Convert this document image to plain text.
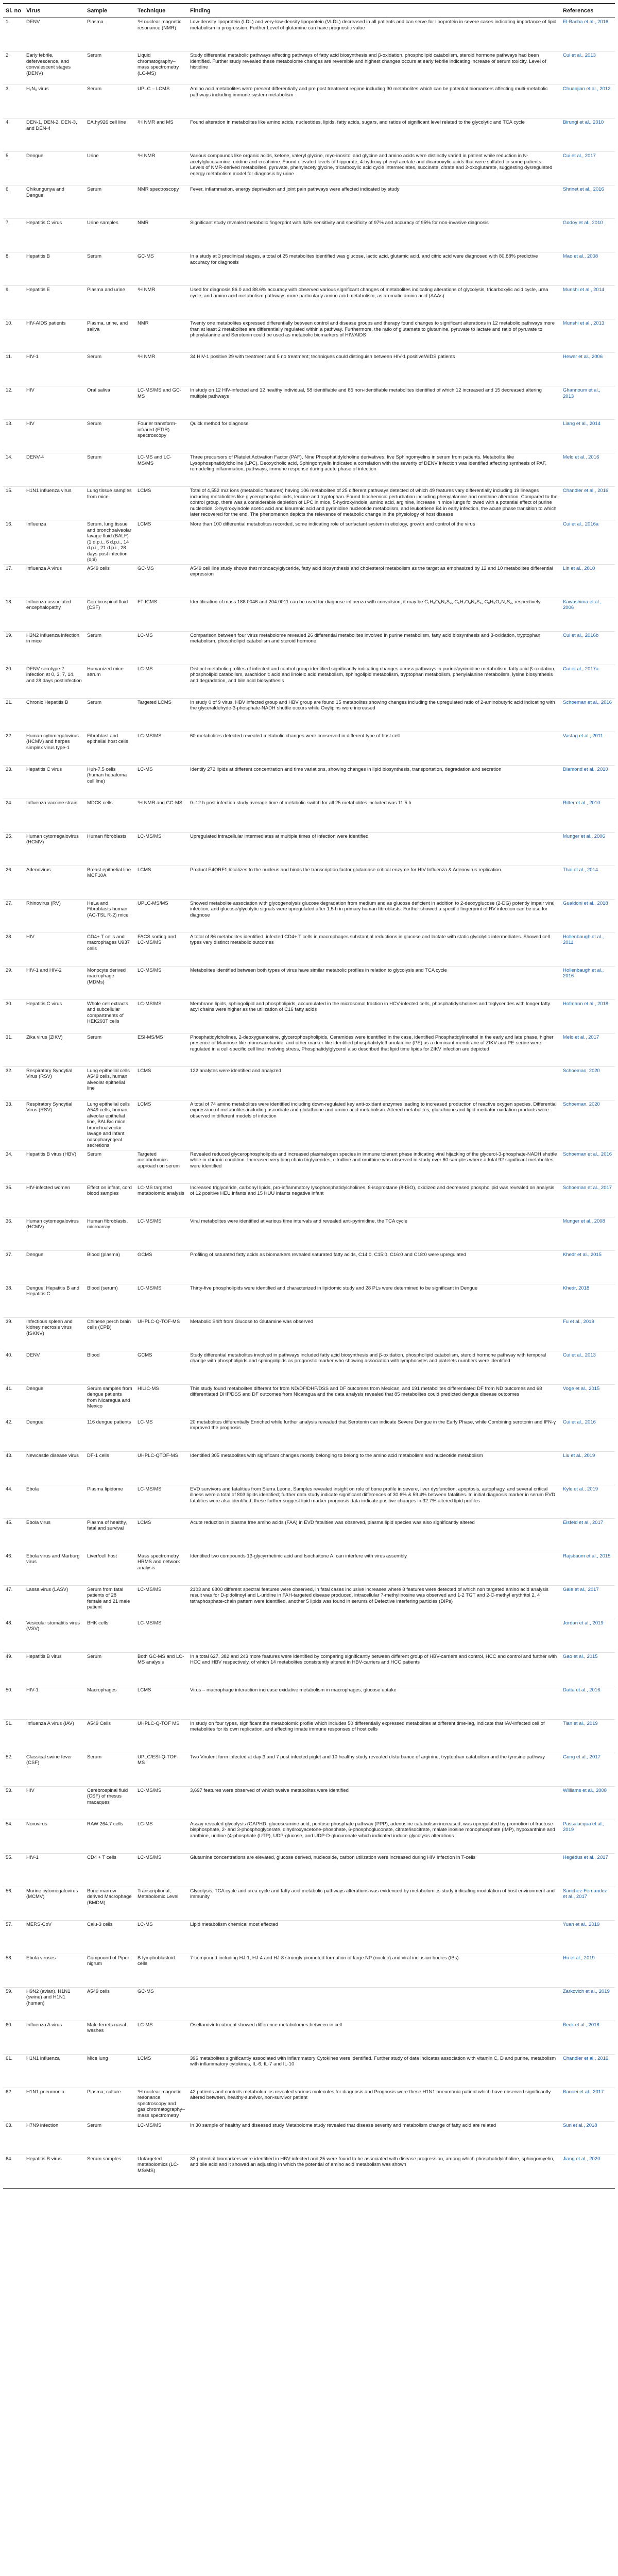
Sl. no	Virus	Sample	Technique	Finding	References
1.	DENV	Plasma	¹H nuclear magnetic resonance (NMR)	Low-density lipoprotein (LDL) and very-low-density lipoprotein (VLDL) decreased in all patients and can serve for lipoprotein in severe cases indicating importance of lipid metabolism in progression. Further Level of glutamine can have prognostic value	El-Bacha et al., 2016
2.	Early febrile, defervescence, and convalescent stages (DENV)	Serum	Liquid chromatography–mass spectrometry (LC-MS)	Study differential metabolic pathways affecting pathways of fatty acid biosynthesis and β-oxidation, phospholipid catabolism, steroid hormone pathways had been identified. Further study revealed these metabolome changes are reversible and highest changes occurs at early febrile indicating increase of serum toxicity. Level of histidine	Cui et al., 2013
3.	H₇N₉ virus	Serum	UPLC – LCMS	Amino acid metabolites were present differentially and pre post treatment regime including 30 metabolites which can be potential biomarkers affecting multi-metabolic pathways including immune system metabolism	Chuanjian et al., 2012
4.	DEN-1, DEN-2, DEN-3, and DEN-4	EA.hy926 cell line	¹H NMR and MS	Found alteration in metabolites like amino acids, nucleotides, lipids, fatty acids, sugars, and ratios of significant level related to the glycolytic and TCA cycle	Birungi et al., 2010
5.	Dengue	Urine	¹H NMR	Various compounds like organic acids, ketone, valeryl glycine, myo-inositol and glycine and amino acids were distinctly varied in patient while reduction in N-acetylglucosamine, uridine and creatinine. Found elevated levels of hippurate, 4-hydroxy-phenyl acetate and dicarboxylic acids that were sulfated in some patients. Levels of NMR-derived metabolites, pyruvate, phenylacetylglycine, tricarboxylic acid cycle intermediates, succinate, citrate and 2-oxoglutarate, suggesting dysregulated energy metabolism model for diagnosis by urine	Cui et al., 2017
6.	Chikungunya and Dengue	Serum	NMR spectroscopy	Fever, inflammation, energy deprivation and joint pain pathways were affected indicated by study	Shrinet et al., 2016
7.	Hepatitis C virus	Urine samples	NMR	Significant study revealed metabolic fingerprint with 94% sensitivity and specificity of 97% and accuracy of 95% for non-invasive diagnosis	Godoy et al., 2010
8.	Hepatitis B	Serum	GC-MS	In a study at 3 preclinical stages, a total of 25 metabolites identified was glucose, lactic acid, glutamic acid, and citric acid were diagnosed with 80.88% predictive accuracy for diagnosis	Mao et al., 2008
9.	Hepatitis E	Plasma and urine	¹H NMR	Used for diagnosis 86.0 and 88.6% accuracy with observed various significant changes of metabolites indicating alterations of glycolysis, tricarboxylic acid cycle, urea cycle, and amino acid metabolism pathways more particularly amino acid metabolism, as aromatic amino acid (AAAs)	Munshi et al., 2014
10.	HIV-AIDS patients	Plasma, urine, and saliva	NMR	Twenty one metabolites expressed differentially between control and disease groups and therapy found changes to significant alterations in 12 metabolic pathways more than at least 2 metabolites are differentially regulated within a pathway. Furthermore, the ratio of glutamate to glutamine, pyruvate to lactate and ratio of pyruvate to phenylalanine and Serotonin could be used as metabolic biomarkers of HIV/AIDS	Munshi et al., 2013
11.	HIV-1	Serum	¹H NMR	34 HIV-1 positive 29 with treatment and 5 no treatment; techniques could distinguish between HIV-1 positive/AIDS patients	Hewer et al., 2006
12.	HIV	Oral saliva	LC-MS/MS and GC-MS	In study on 12 HIV-infected and 12 healthy individual, 58 identifiable and 85 non-identifiable metabolites identified of which 12 increased and 15 decreased altering multiple pathways	Ghannoum et al., 2013
13.	HIV	Serum	Fourier transform-infrared (FTIR) spectroscopy	Quick method for diagnose	Liang et al., 2014
14.	DENV-4	Serum	LC-MS and LC-MS/MS	Three precursors of Platelet Activation Factor (PAF), Nine Phosphatidylcholine derivatives, five Sphingomyelins in serum from patients. Metabolite like Lysophosphatidylcholine (LPC), Deoxycholic acid, Sphingomyelin indicated a correlation with the severity of DENV infection was identified affecting synthesis of PAF, remodeling inflammation, pathways, immune response during acute phase of infection	Melo et al., 2016
15.	H1N1 influenza virus	Lung tissue samples from mice	LCMS	Total of 4,552 m/z ions (metabolic features) having 106 metabolites of 25 different pathways detected of which 49 features vary differentially including 19 lineages including metabolites like glycerophospholipids, leucine and tryptophan. Found biochemical perturbation including phenylalanine and ornithine alteration. Compared to the control group, there was a considerable depletion of LPC in mice, 5-hydroxyindole, amino acid, arginine, increase in mice lungs followed with a potential effect of purine nucleotide, 3-hydroxyindole acetic acid and kinurenic acid and pyrimidine nucleotide metabolism, and leukotriene B4 in early infection, the acute phase transition to which later recovered for the end. The phenomenon depicts the relevance of metabolic change in the physiology of host disease	Chandler et al., 2016
16.	Influenza	Serum, lung tissue and bronchoalveolar lavage fluid (BALF) (1 d.p.i., 6 d.p.i., 14 d.p.i., 21 d.p.i., 28 days post infection (dpi)	LCMS	More than 100 differential metabolites recorded, some indicating role of surfactant system in etiology, growth and control of the virus	Cui et al., 2016a
17.	Influenza A virus	A549 cells	GC-MS	A549 cell line study shows that monoacylglyceride, fatty acid biosynthesis and cholesterol metabolism as the target as emphasized by 12 and 10 metabolites differential expression	Lin et al., 2010
18.	Influenza-associated encephalopathy	Cerebrospinal fluid (CSF)	FT-ICMS	Identification of mass 188.0046 and 204.0011 can be used for diagnose influenza with convulsion; it may be C₇H₈O₆N₂S₃, C₆H₇O₃N₃S₆, C₈H₆O₃N₂S₃, respectively	Kawashima et al., 2006
19.	H3N2 influenza infection in mice	Serum	LC-MS	Comparison between four virus metabolome revealed 26 differential metabolites involved in purine metabolism, fatty acid biosynthesis and β-oxidation, tryptophan metabolism, phospholipid catabolism and steroid hormone	Cui et al., 2016b
20.	DENV serotype 2 infection at 0, 3, 7, 14, and 28 days postinfection	Humanized mice serum	LC-MS	Distinct metabolic profiles of infected and control group identified significantly indicating changes across pathways in purine/pyrimidine metabolism, fatty acid β-oxidation, phospholipid catabolism, arachidonic acid and linoleic acid metabolism, sphingolipid metabolism, tryptophan metabolism, phenylalanine metabolism, lysine biosynthesis and degradation, and bile acid biosynthesis	Cui et al., 2017a
21.	Chronic Hepatitis B	Serum	Targeted LCMS	In study 0 of 9 virus, HBV infected group and HBV group are found 15 metabolites showing changes including the upregulated ratio of 2-aminobutyric acid indicating with the glyceraldehyde-3-phosphate-NADH shuttle occurs while Oxylipins were increased	Schoeman et al., 2016
22.	Human cytomegalovirus (HCMV) and herpes simplex virus type-1	Fibroblast and epithelial host cells	LC-MS/MS	60 metabolites detected revealed metabolic changes were conserved in different type of host cell	Vastag et al., 2011
23.	Hepatitis C virus	Huh-7.5 cells (human hepatoma cell line)	LC-MS	Identify 272 lipids at different concentration and time variations, showing changes in lipid biosynthesis, transportation, degradation and secretion	Diamond et al., 2010
24.	Influenza vaccine strain	MDCK cells	¹H NMR and GC-MS	0–12 h post infection study average time of metabolic switch for all 25 metabolites included was 11.5 h	Ritter et al., 2010
25.	Human cytomegalovirus (HCMV)	Human fibroblasts	LC-MS/MS	Upregulated intracellular intermediates at multiple times of infection were identified	Munger et al., 2006
26.	Adenovirus	Breast epithelial line MCF10A	LCMS	Product E4ORF1 localizes to the nucleus and binds the transcription factor glutamase critical enzyme for HIV Influenza & Adenovirus replication	Thai et al., 2014
27.	Rhinovirus (RV)	HeLa and Fibroblasts human (AC-TSL R-2) mice	UPLC-MS/MS	Showed metabolite association with glycogenolysis glucose degradation from medium and as glucose deficient in addition to 2-deoxyglucose (2-DG) potently impair viral infection, and glucose/glycolytic signals were upregulated after 1.5 h in primary human fibroblasts. Further showed a specific fingerprint of RV infection can be use for diagnose	Gualdoni et al., 2018
28.	HIV	CD4+ T cells and macrophages U937 cells	FACS sorting and LC-MS/MS	A total of 86 metabolites identified, infected CD4+ T cells in macrophages substantial reductions in glucose and lactate with static glycolytic intermediates. Showed cell types vary distinct metabolic outcomes	Hollenbaugh et al., 2011
29.	HIV-1 and HIV-2	Monocyte derived macrophage (MDMs)	LC-MS/MS	Metabolites identified between both types of virus have similar metabolic profiles in relation to glycolysis and TCA cycle	Hollenbaugh et al., 2016
30.	Hepatitis C virus	Whole cell extracts and subcellular compartments of HEK293T cells	LC-MS/MS	Membrane lipids, sphingolipid and phospholipids, accumulated in the microsomal fraction in HCV-infected cells, phosphatidylcholines and triglycerides with longer fatty acyl chains were higher as the utilization of C16 fatty acids	Hofmann et al., 2018
31.	Zika virus (ZIKV)	Serum	ESI-MS/MS	Phosphatidylcholines, 2-deoxyguanosine, glycerophospholipids, Ceramides were identified in the case, identified Phosphatidylinositol in the early and late phase, higher presence of Mannose-like monosaccharide, and other marker like identified phosphatidylethanolamine (PE) as a dominant membrane of ZIKV and PE-serine were regulated in a cell-specific cell line involving stress, Phosphatidylglycerol also described that lipid time lipids for ZIKV infection are depicted	Melo et al., 2017
32.	Respiratory Syncytial Virus (RSV)	Lung epithelial cells A549 cells, human alveolar epithelial line	LCMS	122 analytes were identified and analyzed	Schoeman, 2020
33.	Respiratory Syncytial Virus (RSV)	Lung epithelial cells A549 cells, human alveolar epithelial line, BALB/c mice bronchoalveolar lavage and infant nasopharyngeal secretions	LCMS	A total of 74 amino metabolites were identified including down-regulated key anti-oxidant enzymes leading to increased production of reactive oxygen species. Differential expression of metabolites including ascorbate and glutathione and amino acid metabolism. Altered metabolites, glutathione and lipid mediator oxidation products were observed in different models of infection	Schoeman, 2020
34.	Hepatitis B virus (HBV)	Serum	Targeted metabolomics approach on serum	Revealed reduced glycerophospholipids and increased plasmalogen species in immune tolerant phase indicating viral hijacking of the glycerol-3-phosphate-NADH shuttle while in chronic condition. Increased very long chain triglycerides, citrulline and ornithine was observed in study over 60 samples where a total 92 significant metabolites were identified	Schoeman et al., 2016
35.	HIV-infected women	Effect on infant, cord blood samples	LC-MS targeted metabolomic analysis	Increased triglyceride, carbonyl lipids, pro-inflammatory lysophosphatidylcholines, 8-isoprostane (8-ISO), oxidized and decreased phospholipid was revealed on analysis of 12 positive HEU infants and 15 HUU infants negative infant	Schoeman et al., 2017
36.	Human cytomegalovirus (HCMV)	Human fibroblasts, microarray	LC-MS/MS	Viral metabolites were identified at various time intervals and revealed anti-pyrimidine, the TCA cycle	Munger et al., 2008
37.	Dengue	Blood (plasma)	GCMS	Profiling of saturated fatty acids as biomarkers revealed saturated fatty acids, C14:0, C15:0, C16:0 and C18:0 were upregulated	Khedr et al., 2015
38.	Dengue, Hepatitis B and Hepatitis C	Blood (serum)	LC-MS/MS	Thirty-five phospholipids were identified and characterized in lipidomic study and 28 PLs were determined to be significant in Dengue	Khedr, 2018
39.	Infectious spleen and kidney necrosis virus (ISKNV)	Chinese perch brain cells (CPB)	UHPLC-Q-TOF-MS	Metabolic Shift from Glucose to Glutamine was observed	Fu et al., 2019
40.	DENV	Blood	GCMS	Study differential metabolites involved in pathways included fatty acid biosynthesis and β-oxidation, phospholipid catabolism, steroid hormone pathway with temporal change with phospholipids and sphingolipids as prognostic marker who showing association with lymphocytes and platelets numbers were identified	Cui et al., 2013
41.	Dengue	Serum samples from dengue patients from Nicaragua and Mexico	HILIC-MS	This study found metabolites different for from ND/DF/DHF/DSS and DF outcomes from Mexican, and 191 metabolites differentiated DF from ND outcomes and 68 differentiated DHF/DSS and DF outcomes from Nicaragua and the data analysis revealed that 85 metabolites could predicted dengue disease outcomes	Voge et al., 2015
42.	Dengue	116 dengue patients	LC-MS	20 metabolites differentially Enriched while further analysis revealed that Serotonin can indicate Severe Dengue in the Early Phase, while Combining serotonin and IFN-γ improved the prognosis	Cui et al., 2016
43.	Newcastle disease virus	DF-1 cells	UHPLC-QTOF-MS	Identified 305 metabolites with significant changes mostly belonging to belong to the amino acid metabolism and nucleotide metabolism	Liu et al., 2019
44.	Ebola	Plasma lipidome	LC-MS/MS	EVD survivors and fatalities from Sierra Leone, Samples revealed insight on role of bone profile in severe, liver dysfunction, apoptosis, autophagy, and several critical illness were a total of 803 lipids identified; further data study indicate significant differences of 30.6% & 59.4% between fatalities. In initial diagnosis marker in serum EVD fatalities were also identified; these further suggest lipid marker prognosis data indicate positive changes in 32.7% altered lipid profiles	Kyle et al., 2019
45.	Ebola virus	Plasma of healthy, fatal and survival	LCMS	Acute reduction in plasma free amino acids (FAA) in EVD fatalities was observed, plasma lipid species was also significantly altered	Eisfeld et al., 2017
46.	Ebola virus and Marburg virus	Liver/cell host	Mass spectrometry HRMS and network analysis	Identified two compounds 1β-glycyrrhetinic acid and Isochaitone A. can interfere with virus assembly	Rajsbaum et al., 2015
47.	Lassa virus (LASV)	Serum from fatal patients of 28 female and 21 male patient	LC-MS/MS	2103 and 6800 different spectral features were observed, in fatal cases inclusive increases where 8 features were detected of which non targeted amino acid analysis result was for D-pidolinoyl and L-uridine in FAH-targeted disease produced, intracellular 7-methylinosine was observed and 1-2 TGT and 2-C-methyl erythritol 2, 4 tetraphosphate-chain pattern were identified, another 5 lipids was found in serums of Defective interfering particles (DIPs)	Gale et al., 2017
48.	Vesicular stomatitis virus (VSV)	BHK cells	LC-MS/MS		Jordan et al., 2019
49.	Hepatitis B virus	Serum	Both GC-MS and LC-MS analysis	In a total 627, 382 and 243 more features were identified by comparing significantly between different group of HBV-carriers and control, HCC and control and further with HCC and HBV respectively, of which 14 metabolites consistently altered in HBV-carriers and HCC patients	Gao et al., 2015
50.	HIV-1	Macrophages	LCMS	Virus – macrophage interaction increase oxidative metabolism in macrophages, glucose uptake	Datta et al., 2016
51.	Influenza A virus (IAV)	A549 Cells	UHPLC-Q-TOF MS	In study on four types, significant the metabolomic profile which includes 50 differentially expressed metabolites at different time-lag, indicate that IAV-infected cell of metabolites for its own replication, and effecting innate immune responses of host cells	Tian et al., 2019
52.	Classical swine fever (CSF)	Serum	UPLC/ESI-Q-TOF-MS	Two Virulent form infected at day 3 and 7 post infected piglet and 10 healthy study revealed disturbance of arginine, tryptophan catabolism and the tyrosine pathway	Gong et al., 2017
53.	HIV	Cerebrospinal fluid (CSF) of rhesus macaques	LC-MS/MS	3,697 features were observed of which twelve metabolites were identified	Williams et al., 2008
54.	Norovirus	RAW 264.7 cells	LC-MS	Assay revealed glycolysis (GAPHD, glucoseamine acid, pentose phosphate pathway (PPP), adenosine catabolism increased, was upregulated by promotion of fructose-bisphosphate, 2- and 3-phosphoglycerate, dihydroxyacetone-phosphate, 6-phosphogluconate, citrate/isocitrate, malate inosine monophosphate (IMP), hypoxanthine and xanthine, uridine (4-phosphate (UTP), UDP-glucose, and UDP-D-glucuronate which indicated induce glycolysis alterations	Passalacqua et al., 2019
55.	HIV-1	CD4 + T cells	LC-MS/MS	Glutamine concentrations are elevated, glucose derived, nucleoside, carbon utilization were increased during HIV infection in T-cells	Hegedus et al., 2017
56.	Murine cytomegalovirus (MCMV)	Bone marrow derived Macrophage (BMDM)	Transcriptional, Metabolomic Level	Glycolysis, TCA cycle and urea cycle and fatty acid metabolic pathways alterations was evidenced by metabolomics study indicating modulation of host environment and immunity	Sanchez-Fernandez et al., 2017
57.	MERS-CoV	Calu-3 cells	LC-MS	Lipid metabolism chemical most effected	Yuan et al., 2019
58.	Ebola viruses	Compound of Piper nigrum	B lymphoblastoid cells	7-compound including HJ-1, HJ-4 and HJ-8 strongly promoted formation of large NP (nucleo) and viral inclusion bodies (IBs)	Hu et al., 2019
59.	H9N2 (avian), H1N1 (swine) and H1N1 (human)	A549 cells	GC-MS		Zarkovich et al., 2019
60.	Influenza A virus	Male ferrets nasal washes	LC-MS	Oseltamivir treatment showed difference metabolomes between in cell	Beck et al., 2018
61.	H1N1 influenza	Mice lung	LCMS	396 metabolites significantly associated with inflammatory Cytokines were identified. Further study of data indicates association with vitamin C, D and purine, metabolism with inflammatory cytokines, IL-6, IL-7 and IL-10	Chandler et al., 2016
62.	H1N1 pneumonia	Plasma, culture	¹H nuclear magnetic resonance spectroscopy and gas chromatography–mass spectrometry	42 patients and controls metabolomics revealed various molecules for diagnosis and Prognosis were these H1N1 pneumonia patient which have observed significantly altered between, healthy-survivor, non-survivor patient	Banoei et al., 2017
63.	H7N9 infection	Serum	LC-MS/MS	In 30 sample of healthy and diseased study Metabolome study revealed that disease severity and metabolism change of fatty acid are related	Sun et al., 2018
64.	Hepatitis B virus	Serum samples	Untargeted metabolomics (LC-MS/MS)	33 potential biomarkers were identified in HBV-infected and 25 were found to be associated with disease progression, among which phosphatidylcholine, sphingomyelin, and bile acid and it showed an adjusting in which the potential of amino acid metabolism was shown	Jiang et al., 2020
